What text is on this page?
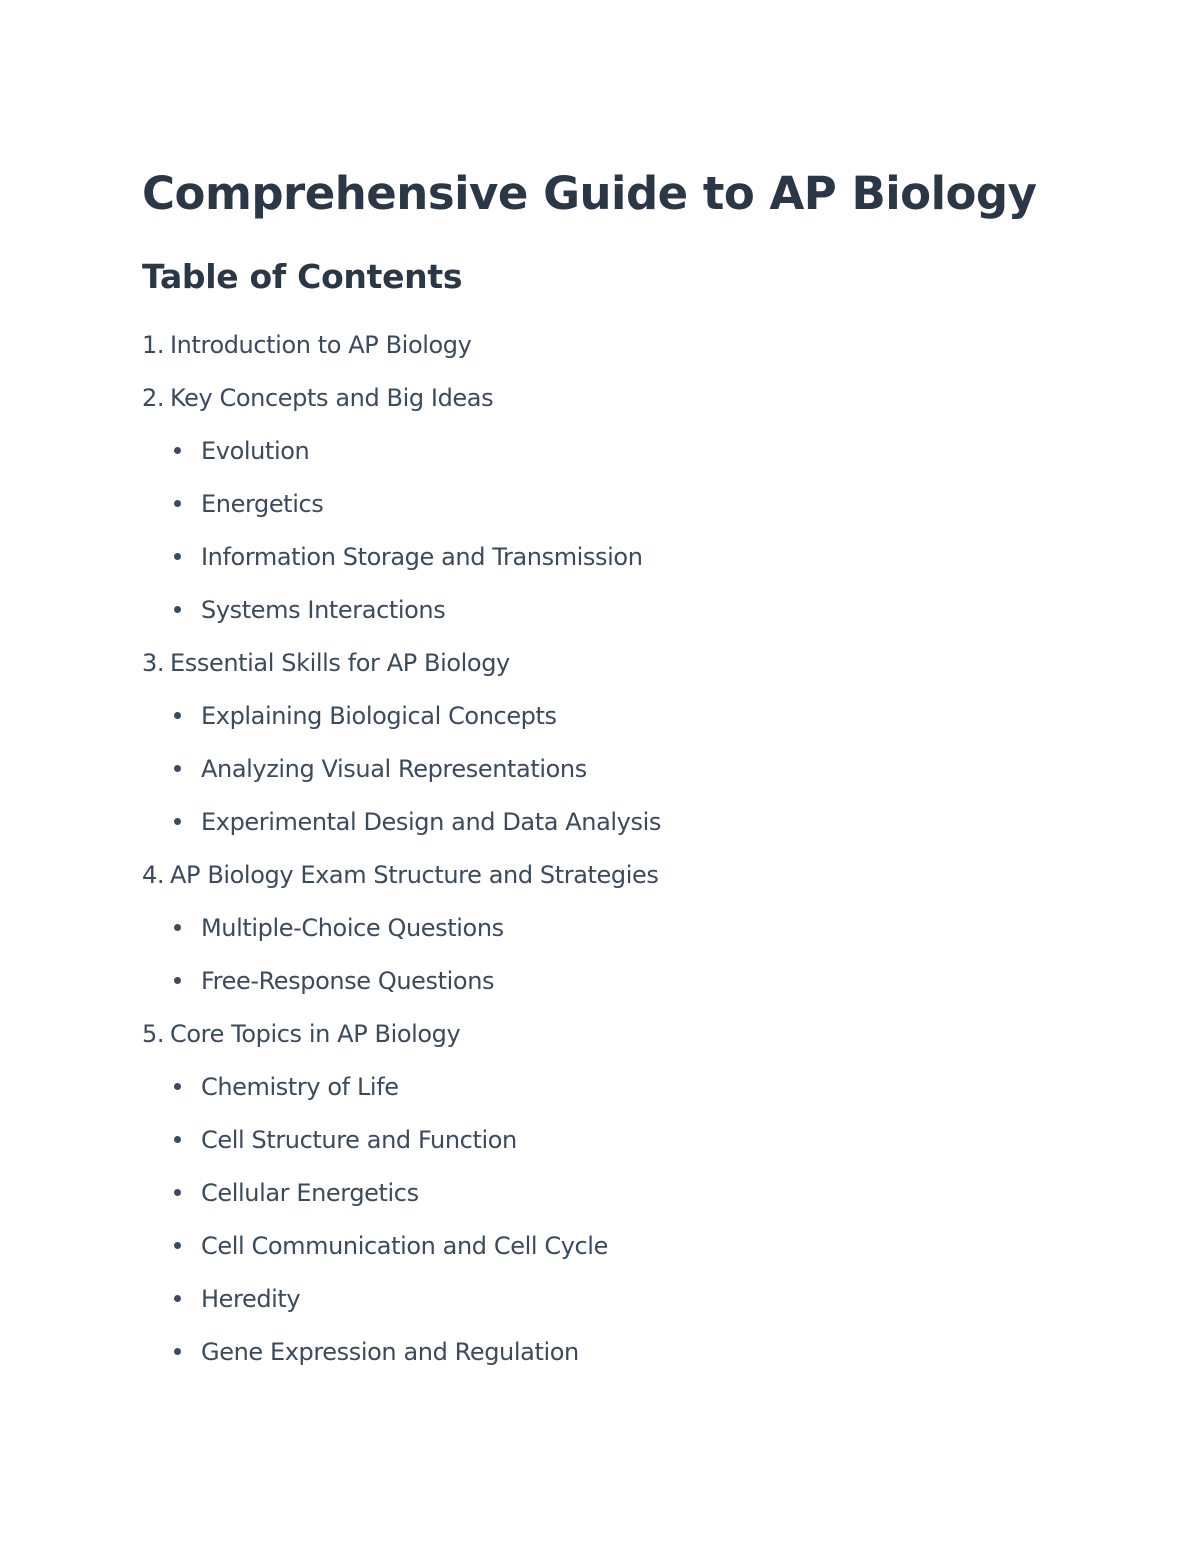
Comprehensive Guide to AP Biology
Table of Contents
1. Introduction to AP Biology
2. Key Concepts and Big Ideas
Evolution
Energetics
Information Storage and Transmission
Systems Interactions
3. Essential Skills for AP Biology
Explaining Biological Concepts
Analyzing Visual Representations
Experimental Design and Data Analysis
4. AP Biology Exam Structure and Strategies
Multiple-Choice Questions
Free-Response Questions
5. Core Topics in AP Biology
Chemistry of Life
Cell Structure and Function
Cellular Energetics
Cell Communication and Cell Cycle
Heredity
Gene Expression and Regulation
